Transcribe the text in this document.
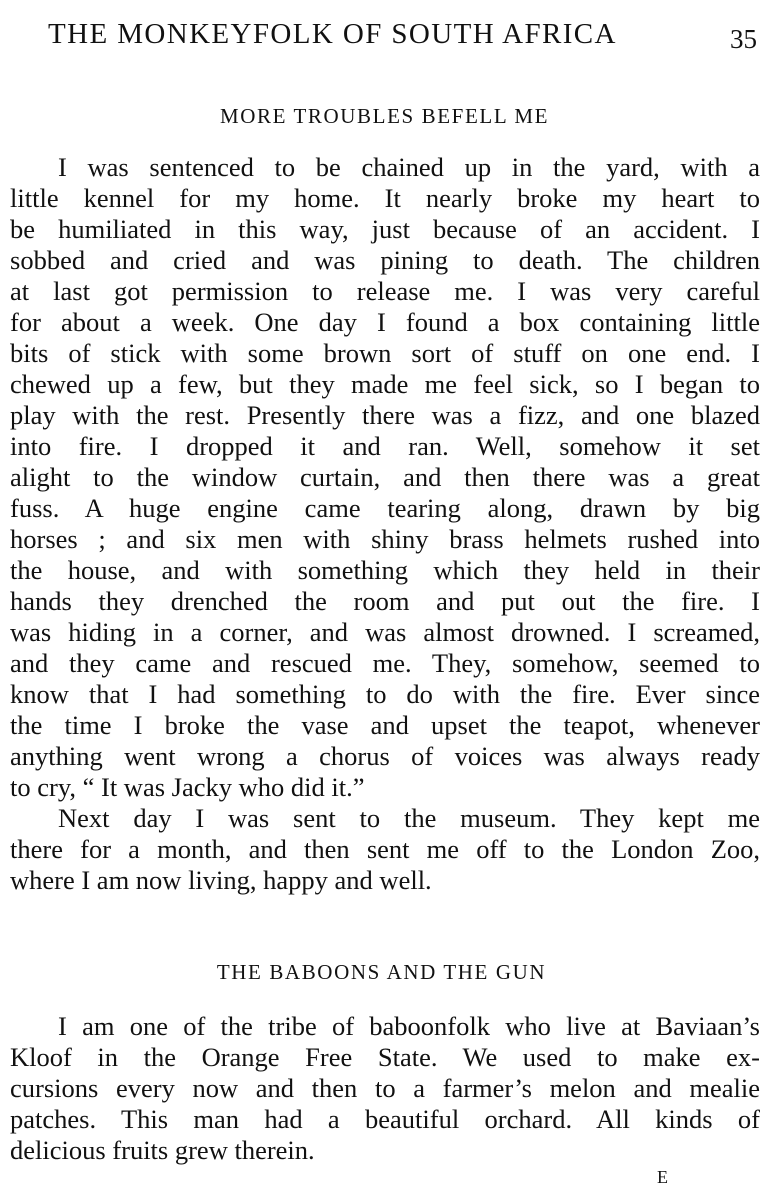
THE MONKEYFOLK OF SOUTH AFRICA	35
MORE TROUBLES BEFELL ME
I was sentenced to be chained up in the yard, with a
little kennel for my home. It nearly broke my heart to
be humiliated in this way, just because of an accident. I
sobbed and cried and was pining to death. The children
at last got permission to release me. I was very careful
for about a week. One day I found a box containing little
bits of stick with some brown sort of stuff on one end. I
chewed up a few, but they made me feel sick, so I began to
play with the rest. Presently there was a fizz, and one blazed
into fire. I dropped it and ran. Well, somehow it set
alight to the window curtain, and then there was a great
fuss. A huge engine came tearing along, drawn by big
horses ; and six men with shiny brass helmets rushed into
the house, and with something which they held in their
hands they drenched the room and put out the fire. I
was hiding in a corner, and was almost drowned. I screamed,
and they came and rescued me. They, somehow, seemed to
know that I had something to do with the fire. Ever since
the time I broke the vase and upset the teapot, whenever
anything went wrong a chorus of voices was always ready
to cry, “ It was Jacky who did it.”
Next day I was sent to the museum. They kept me
there for a month, and then sent me off to the London Zoo,
where I am now living, happy and well.
THE BABOONS AND THE GUN
I am one of the tribe of baboonfolk who live at Baviaan’s
Kloof in the Orange Free State. We used to make ex-
cursions every now and then to a farmer’s melon and mealie
patches. This man had a beautiful orchard. All kinds of
delicious fruits grew therein.
E
